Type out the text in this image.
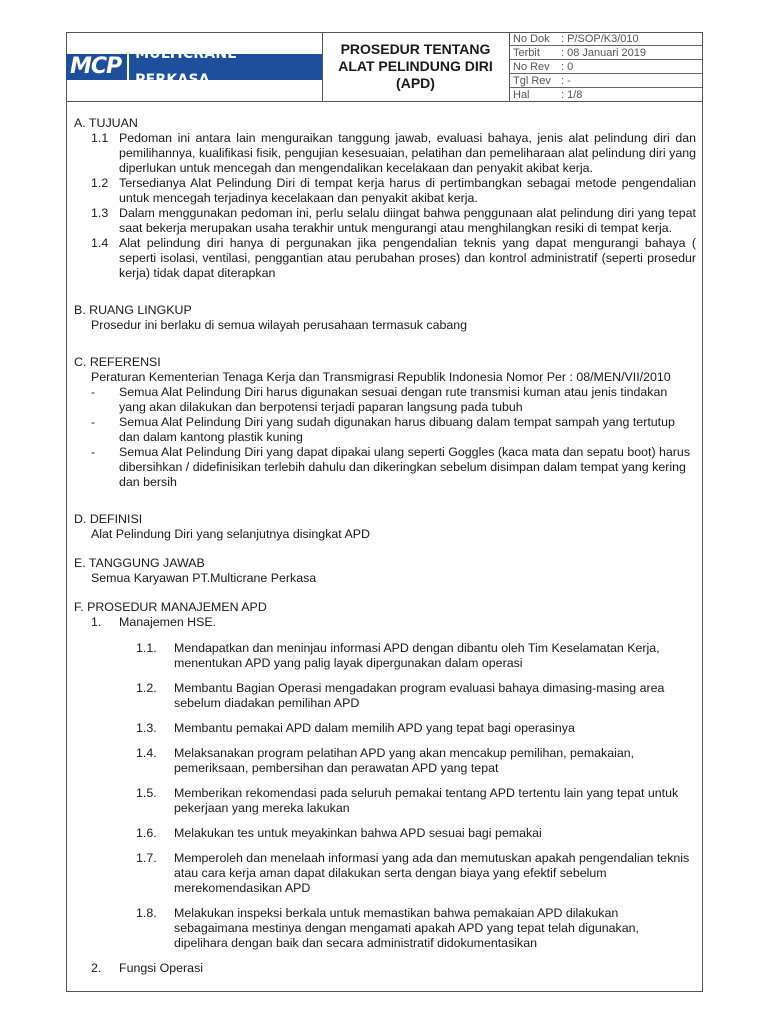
MCP	MULTICRANE PERKASA
PROSEDUR TENTANG
ALAT PELINDUNG DIRI
(APD)
No Dok	: P/SOP/K3/010
Terbit	: 08 Januari 2019
No Rev	: 0
Tgl Rev : -
Hal	: 1/8
A. TUJUAN
1.1 Pedoman ini antara lain menguraikan tanggung jawab, evaluasi bahaya, jenis alat pelindung diri dan pemilihannya, kualifikasi fisik, pengujian kesesuaian, pelatihan dan pemeliharaan alat pelindung diri yang diperlukan untuk mencegah dan mengendalikan kecelakaan dan penyakit akibat kerja.
1.2 Tersedianya Alat Pelindung Diri di tempat kerja harus di pertimbangkan sebagai metode pengendalian untuk mencegah terjadinya kecelakaan dan penyakit akibat kerja.
1.3 Dalam menggunakan pedoman ini, perlu selalu diingat bahwa penggunaan alat pelindung diri yang tepat saat bekerja merupakan usaha terakhir untuk mengurangi atau menghilangkan resiki di tempat kerja.
1.4 Alat pelindung diri hanya di pergunakan jika pengendalian teknis yang dapat mengurangi bahaya ( seperti isolasi, ventilasi, penggantian atau perubahan proses) dan kontrol administratif (seperti prosedur kerja) tidak dapat diterapkan
B. RUANG LINGKUP
Prosedur ini berlaku di semua wilayah perusahaan termasuk cabang
C. REFERENSI
Peraturan Kementerian Tenaga Kerja dan Transmigrasi Republik Indonesia Nomor Per : 08/MEN/VII/2010
-	Semua Alat Pelindung Diri harus digunakan sesuai dengan rute transmisi kuman atau jenis tindakan yang akan dilakukan dan berpotensi terjadi paparan langsung pada tubuh
-	Semua Alat Pelindung Diri yang sudah digunakan harus dibuang dalam tempat sampah yang tertutup dan dalam kantong plastik kuning
-	Semua Alat Pelindung Diri yang dapat dipakai ulang seperti Goggles (kaca mata dan sepatu boot) harus dibersihkan / didefinisikan terlebih dahulu dan dikeringkan sebelum disimpan dalam tempat yang kering dan bersih
D. DEFINISI
Alat Pelindung Diri yang selanjutnya disingkat APD
E. TANGGUNG JAWAB
Semua Karyawan PT.Multicrane Perkasa
F. PROSEDUR MANAJEMEN APD
1.	Manajemen HSE.
1.1.	Mendapatkan dan meninjau informasi APD dengan dibantu oleh Tim Keselamatan Kerja, menentukan APD yang palig layak dipergunakan dalam operasi
1.2.	Membantu Bagian Operasi mengadakan program evaluasi bahaya dimasing-masing area sebelum diadakan pemilihan APD
1.3.	Membantu pemakai APD dalam memilih APD yang tepat bagi operasinya
1.4.	Melaksanakan program pelatihan APD yang akan mencakup pemilihan, pemakaian, pemeriksaan, pembersihan dan perawatan APD yang tepat
1.5.	Memberikan rekomendasi pada seluruh pemakai tentang APD tertentu lain yang tepat untuk pekerjaan yang mereka lakukan
1.6.	Melakukan tes untuk meyakinkan bahwa APD sesuai bagi pemakai
1.7.	Memperoleh dan menelaah informasi yang ada dan memutuskan apakah pengendalian teknis atau cara kerja aman dapat dilakukan serta dengan biaya yang efektif sebelum merekomendasikan APD
1.8.	Melakukan inspeksi berkala untuk memastikan bahwa pemakaian APD dilakukan sebagaimana mestinya dengan mengamati apakah APD yang tepat telah digunakan, dipelihara dengan baik dan secara administratif didokumentasikan
2.	Fungsi Operasi
